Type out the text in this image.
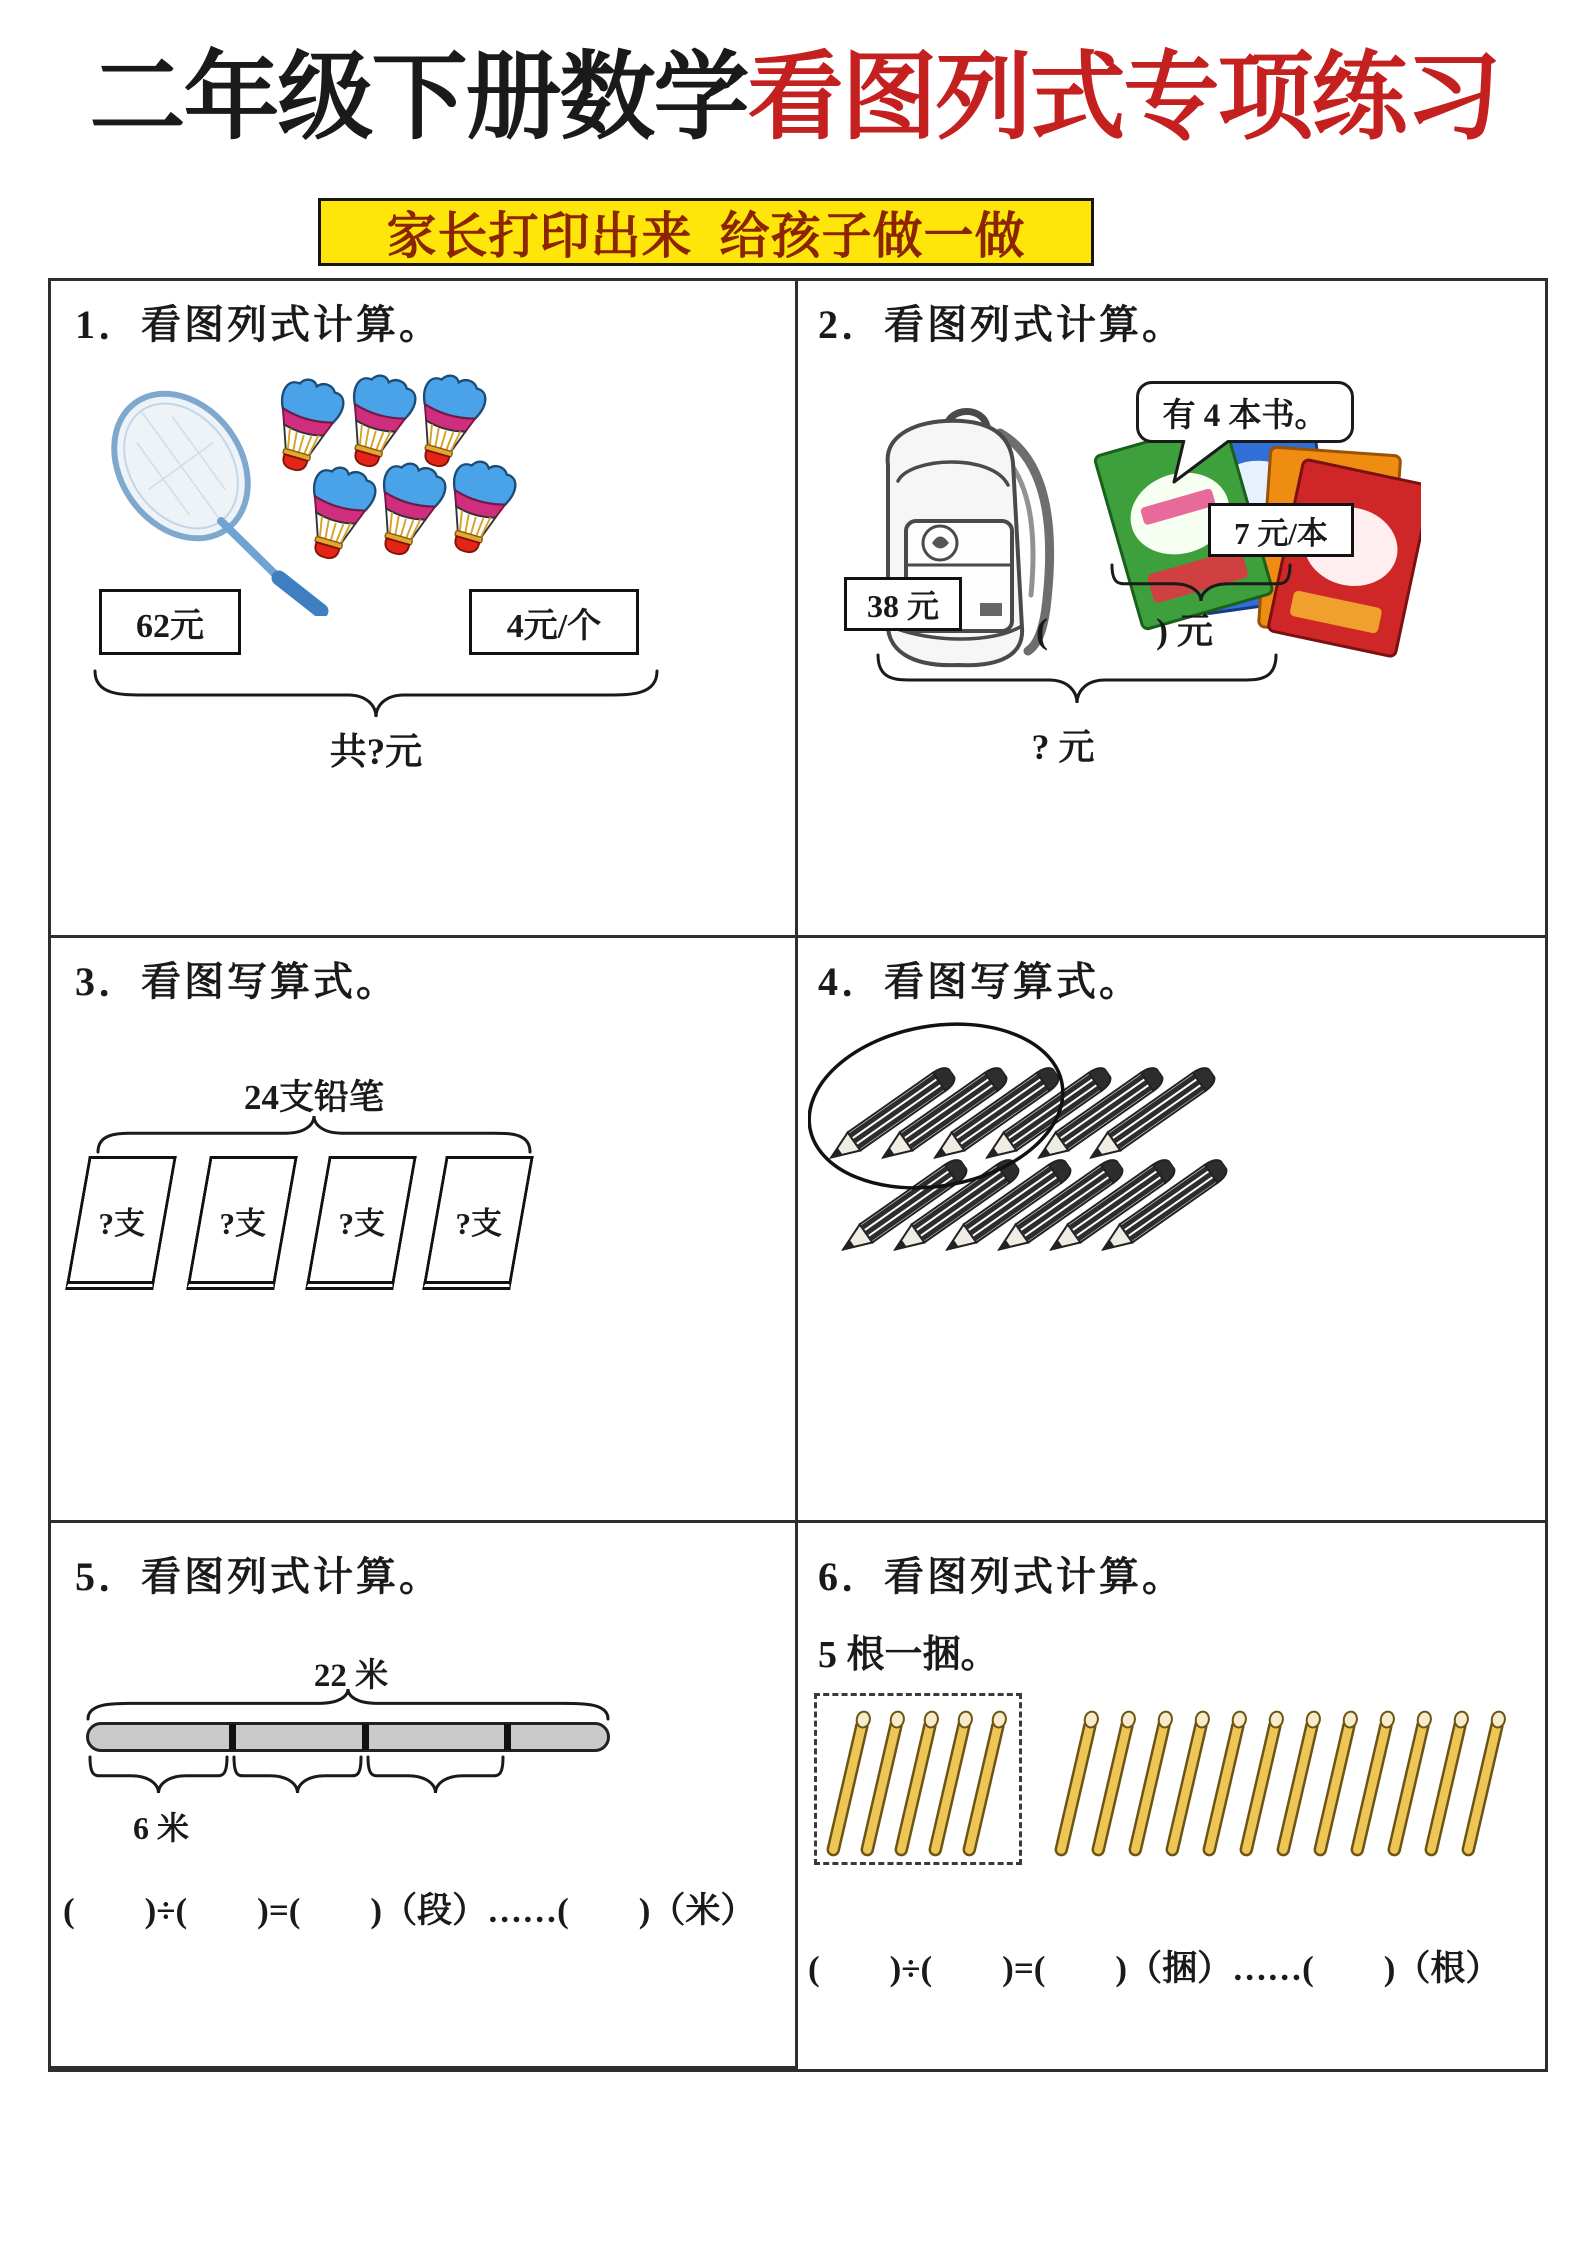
二年级下册数学看图列式专项练习
家长打印出来  给孩子做一做
1．看图列式计算。
62元	4元/个
共?元
2．看图列式计算。
有 4 本书。
7 元/本
38 元
(　　　) 元
? 元
3．看图写算式。
24支铅笔
?支 ?支 ?支 ?支
4．看图写算式。
5．看图列式计算。
22 米
6 米
(        )÷(        )=(        )（段）……(        )（米）
6．看图列式计算。
5 根一捆。
(        )÷(        )=(        )（捆）……(        )（根）
